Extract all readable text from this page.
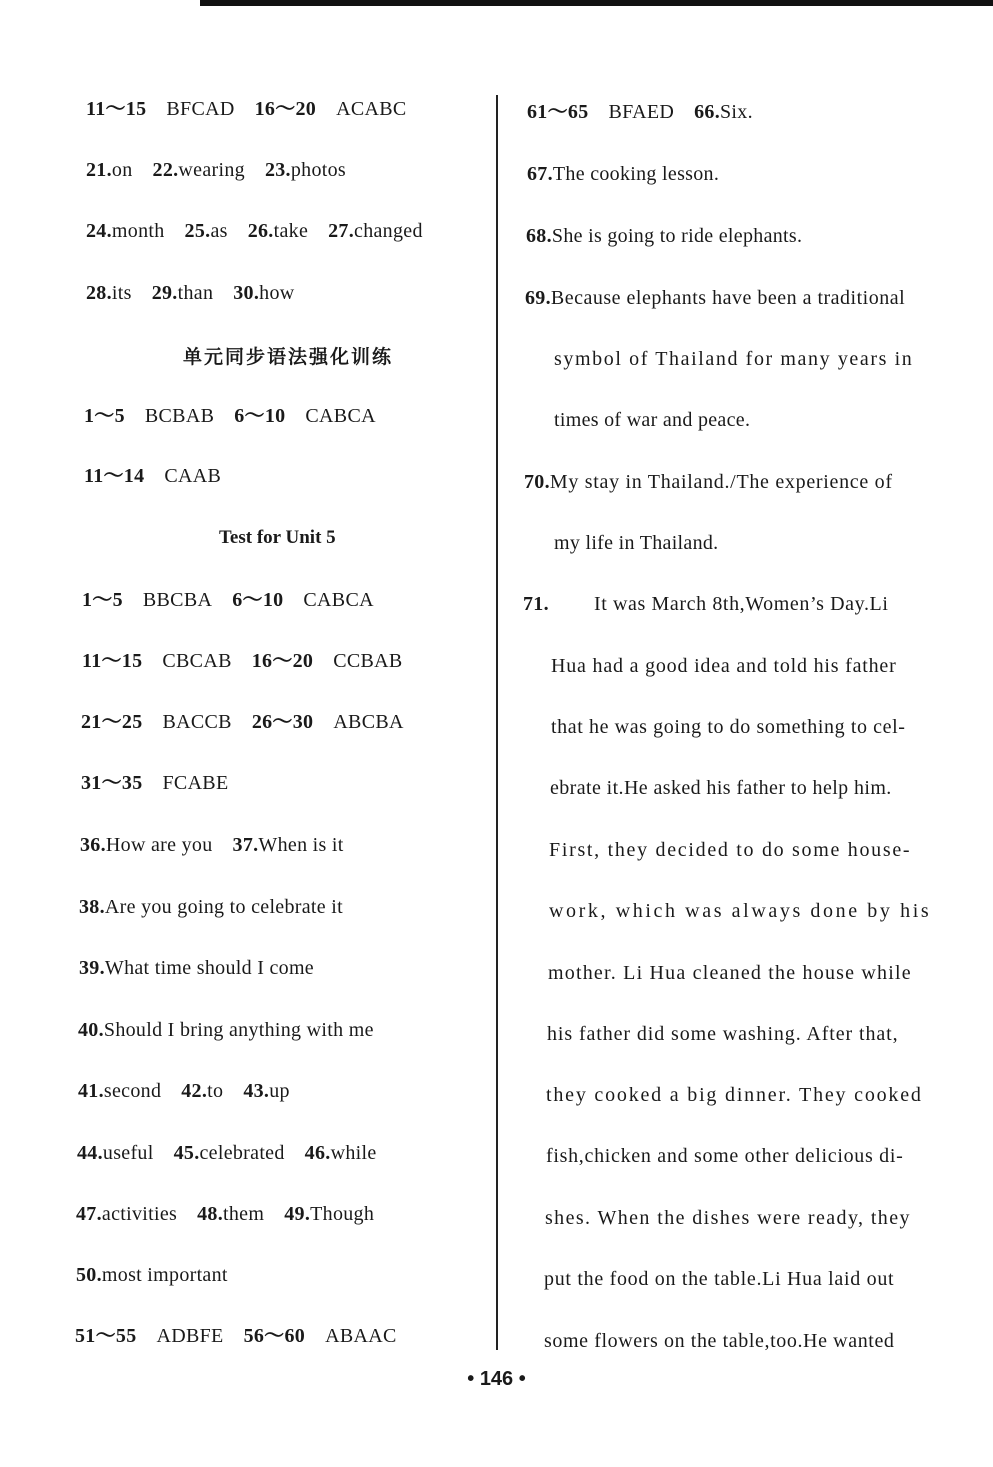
11～15 BFCAD 16～20 ACABC
21.on 22.wearing 23.photos
24.month 25.as 26.take 27.changed
28.its 29.than 30.how
单元同步语法强化训练
1～5 BCBAB 6～10 CABCA
11～14 CAAB
Test for Unit 5
1～5 BBCBA 6～10 CABCA
11～15 CBCAB 16～20 CCBAB
21～25 BACCB 26～30 ABCBA
31～35 FCABE
36.How are you 37.When is it
38.Are you going to celebrate it
39.What time should I come
40.Should I bring anything with me
41.second 42.to 43.up
44.useful 45.celebrated 46.while
47.activities 48.them 49.Though
50.most important
51～55 ADBFE 56～60 ABAAC
61～65 BFAED 66.Six.
67.The cooking lesson.
68.She is going to ride elephants.
69.Because elephants have been a traditional
symbol of Thailand for many years in
times of war and peace.
70.My stay in Thailand./The experience of
my life in Thailand.
71. It was March 8th,Women’s Day.Li
Hua had a good idea and told his father
that he was going to do something to cel-
ebrate it.He asked his father to help him.
First, they decided to do some house-
work, which was always done by his
mother. Li Hua cleaned the house while
his father did some washing. After that,
they cooked a big dinner. They cooked
fish,chicken and some other delicious di-
shes. When the dishes were ready, they
put the food on the table.Li Hua laid out
some flowers on the table,too.He wanted
• 146 •
